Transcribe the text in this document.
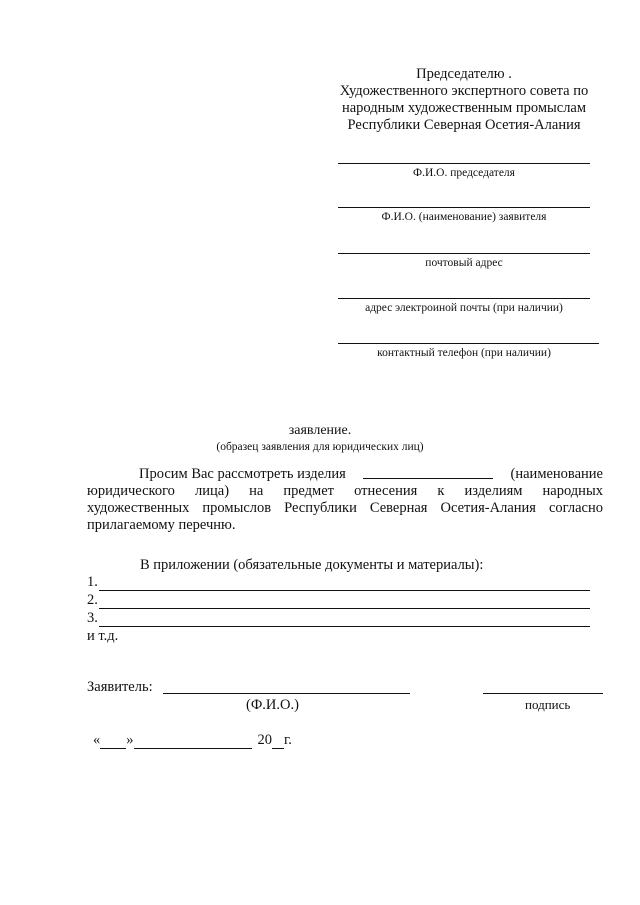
Председателю .
Художественного экспертного совета по
народным художественным промыслам
Республики Северная Осетия-Алания
Ф.И.О. председателя
Ф.И.О. (наименование) заявителя
почтовый адрес
адрес электроиной почты (при наличии)
контактный телефон (при наличии)
заявление.
(образец заявления для юридических лиц)
Просим Вас рассмотреть изделия	(наименование
юридического лица) на предмет отнесения к изделиям народных
художественных промыслов Республики Северная Осетия-Алания согласно
прилагаемому перечню.
В приложении (обязательные документы и материалы):
1.
2.
3.
и т.д.
Заявитель:
(Ф.И.О.)	подпись
« »	20 г.
